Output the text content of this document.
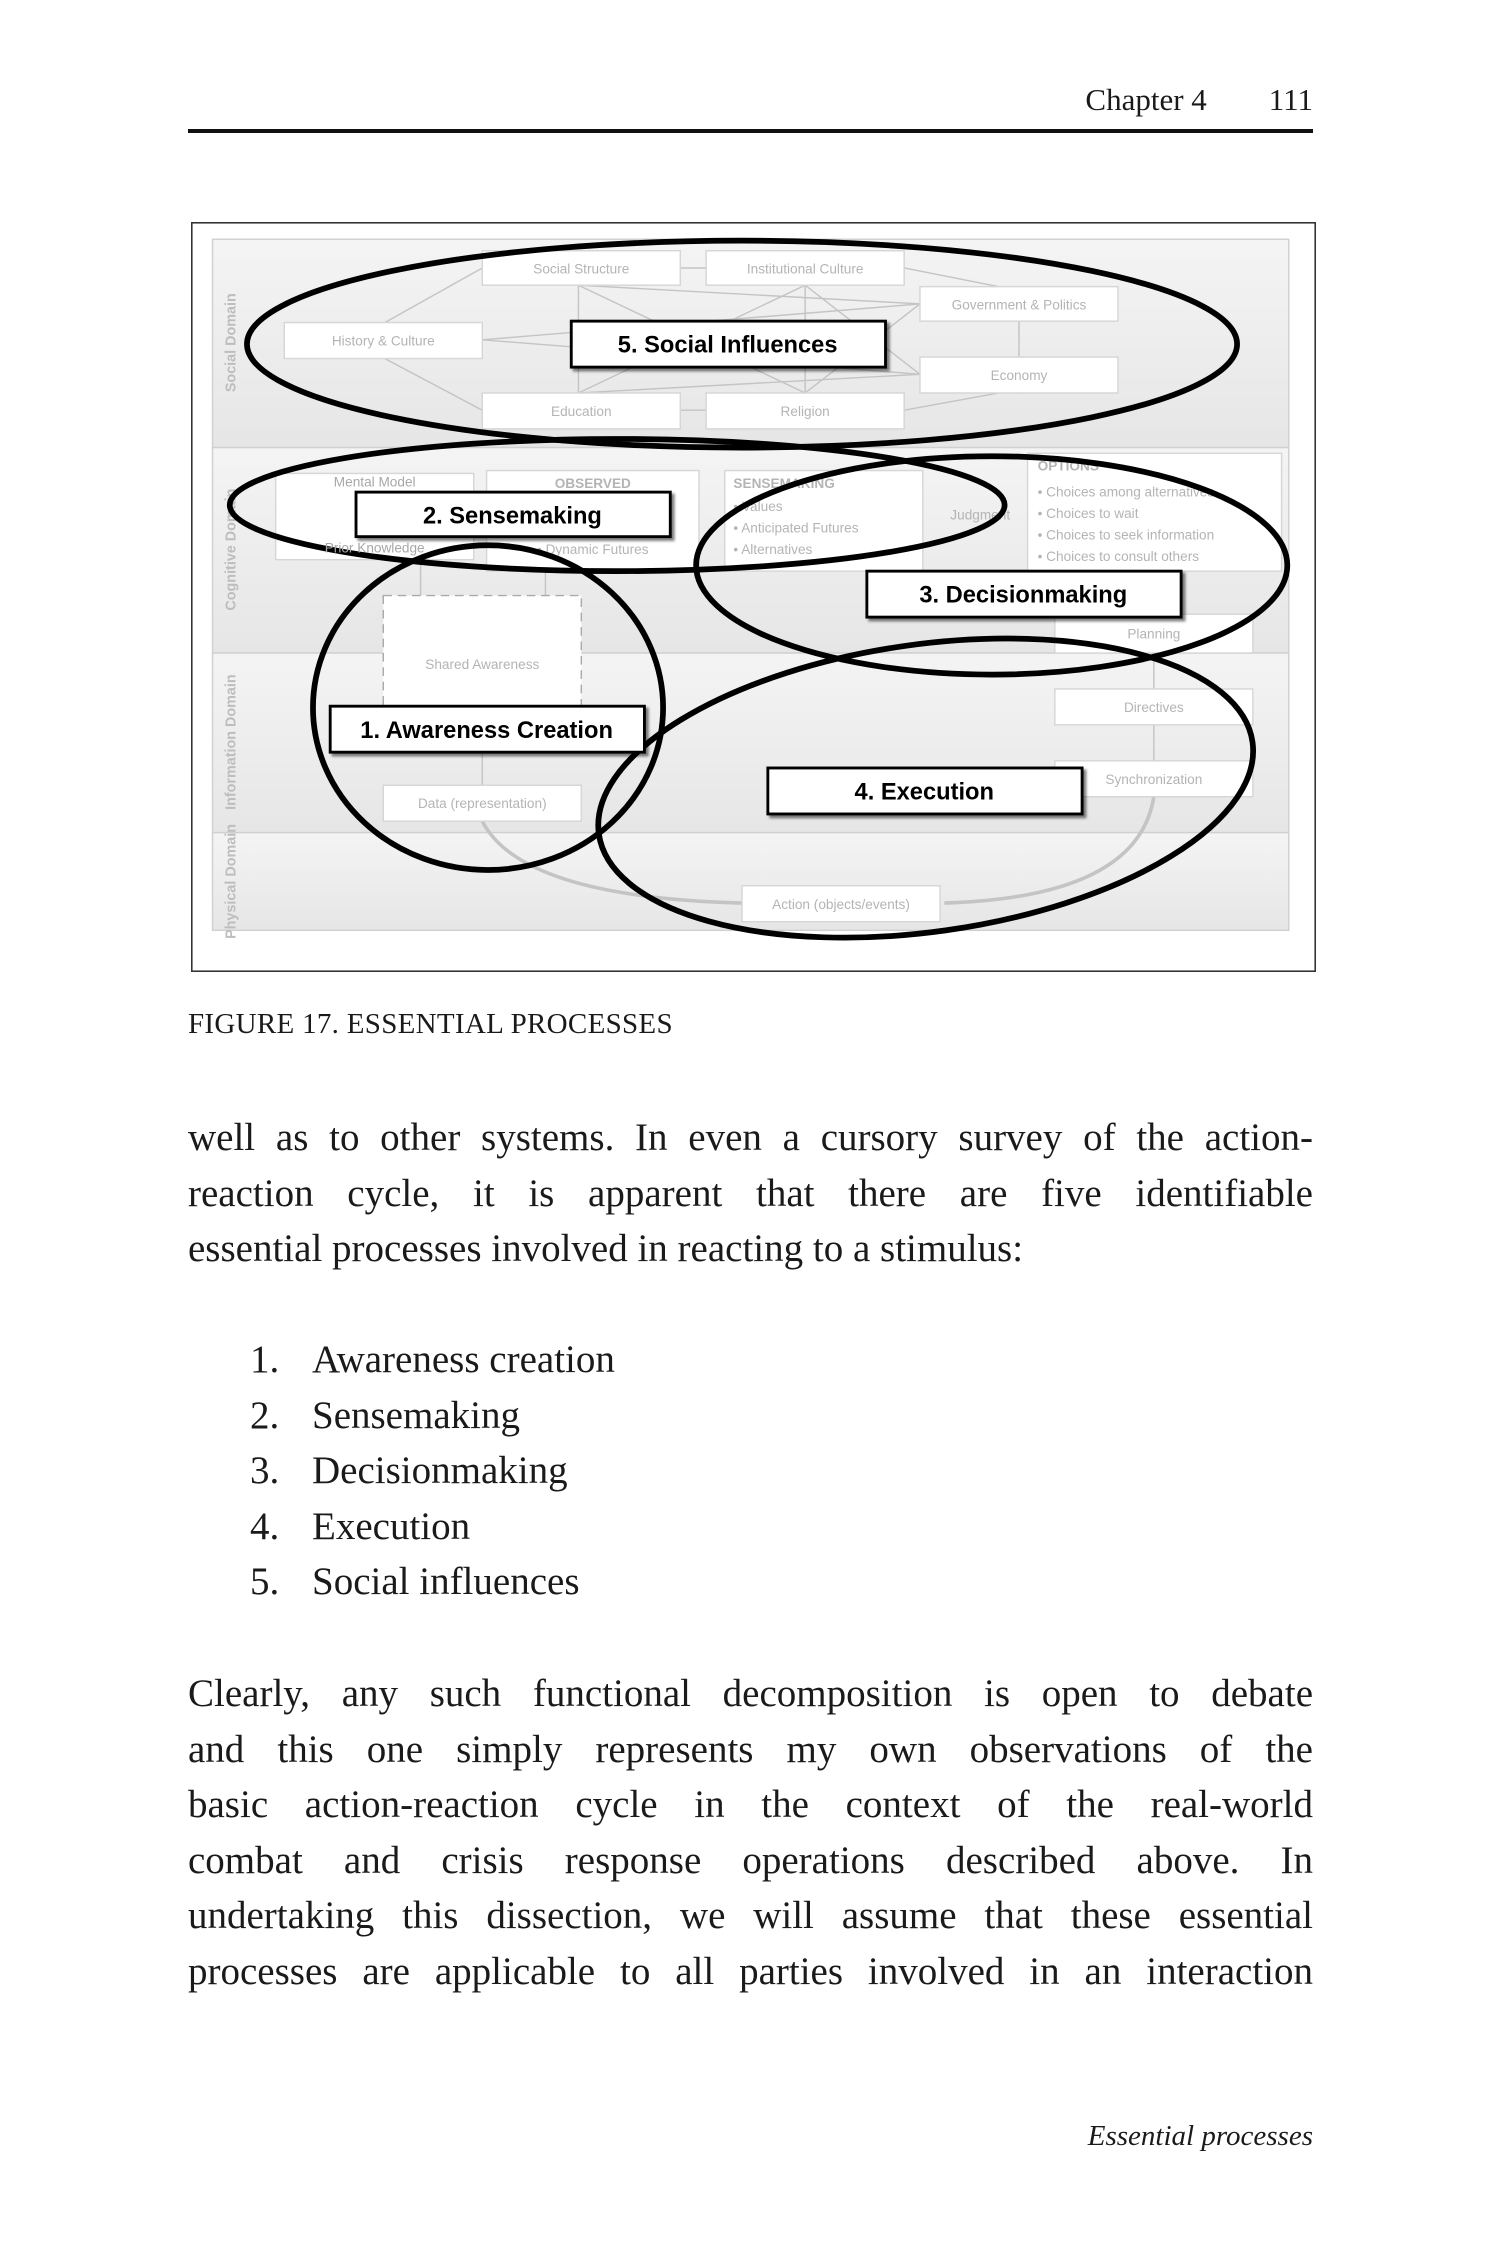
Chapter 4 111
Social Domain
Cognitive Domain
Information Domain
Physical Domain
Social Structure	Institutional Culture
Government & Politics
History & Culture
Economy
Education	Religion
OBSERVED
• Dynamic Futures
Judgment
Planning
Shared Awareness
Data (representation)
Directives
Synchronization
Action (objects/events)
SENSEMAKING
• Values
• Anticipated Futures
• Alternatives
OPTIONS
• Choices among alternatives
• Choices to wait
• Choices to seek information
• Choices to consult others
5. Social Influences
2. Sensemaking
3. Decisionmaking
1. Awareness Creation
4. Execution
Mental Model
Prior Knowledge
FIGURE 17. ESSENTIAL PROCESSES
well as to other systems. In even a cursory survey of the action-
reaction cycle, it is apparent that there are five identifiable
essential processes involved in reacting to a stimulus:
1. Awareness creation
2. Sensemaking
3. Decisionmaking
4. Execution
5. Social influences
Clearly, any such functional decomposition is open to debate
and this one simply represents my own observations of the
basic action-reaction cycle in the context of the real-world
combat and crisis response operations described above. In
undertaking this dissection, we will assume that these essential
processes are applicable to all parties involved in an interaction
Essential processes
